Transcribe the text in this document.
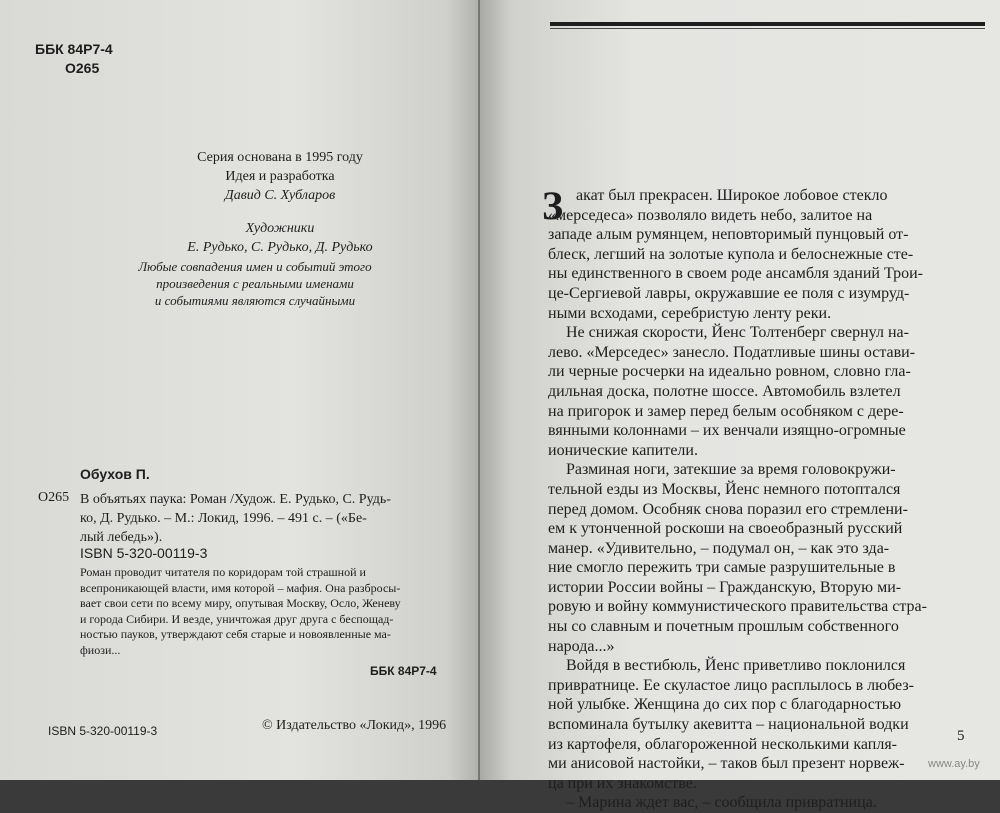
ББК 84Р7-4
О265
Серия основана в 1995 году
Идея и разработка
Давид С. Хубларов
Художники
Е. Рудько, С. Рудько, Д. Рудько
Любые совпадения имен и событий этого
произведения с реальными именами
и событиями являются случайными
Обухов П.
О265 В объятьях паука: Роман /Худож. Е. Рудько, С. Рудь-
ко, Д. Рудько. – М.: Локид, 1996. – 491 с. – («Бе-
лый лебедь»).
ISBN 5-320-00119-3
Роман проводит читателя по коридорам той страшной и
всепроникающей власти, имя которой – мафия. Она разбросы-
вает свои сети по всему миру, опутывая Москву, Осло, Женеву
и города Сибири. И везде, уничтожая друг друга с беспощад-
ностью пауков, утверждают себя старые и новоявленные ма-
фиози...
ББК 84Р7-4
ISBN 5-320-00119-3	© Издательство «Локид», 1996
З акат был прекрасен. Широкое лобовое стекло
«мерседеса» позволяло видеть небо, залитое на
западе алым румянцем, неповторимый пунцовый от-
блеск, легший на золотые купола и белоснежные сте-
ны единственного в своем роде ансамбля зданий Трои-
це-Сергиевой лавры, окружавшие ее поля с изумруд-
ными всходами, серебристую ленту реки.
Не снижая скорости, Йенс Толтенберг свернул на-
лево. «Мерседес» занесло. Податливые шины остави-
ли черные росчерки на идеально ровном, словно гла-
дильная доска, полотне шоссе. Автомобиль взлетел
на пригорок и замер перед белым особняком с дере-
вянными колоннами – их венчали изящно-огромные
ионические капители.
Разминая ноги, затекшие за время головокружи-
тельной езды из Москвы, Йенс немного потоптался
перед домом. Особняк снова поразил его стремлени-
ем к утонченной роскоши на своеобразный русский
манер. «Удивительно, – подумал он, – как это зда-
ние смогло пережить три самые разрушительные в
истории России войны – Гражданскую, Вторую ми-
ровую и войну коммунистического правительства стра-
ны со славным и почетным прошлым собственного
народа...»
Войдя в вестибюль, Йенс приветливо поклонился
привратнице. Ее скуластое лицо расплылось в любез-
ной улыбке. Женщина до сих пор с благодарностью
вспоминала бутылку акевитта – национальной водки
из картофеля, облагороженной несколькими капля-
ми анисовой настойки, – таков был презент норвеж-
ца при их знакомстве.
– Марина ждет вас, – сообщила привратница.
5
www.ay.by
